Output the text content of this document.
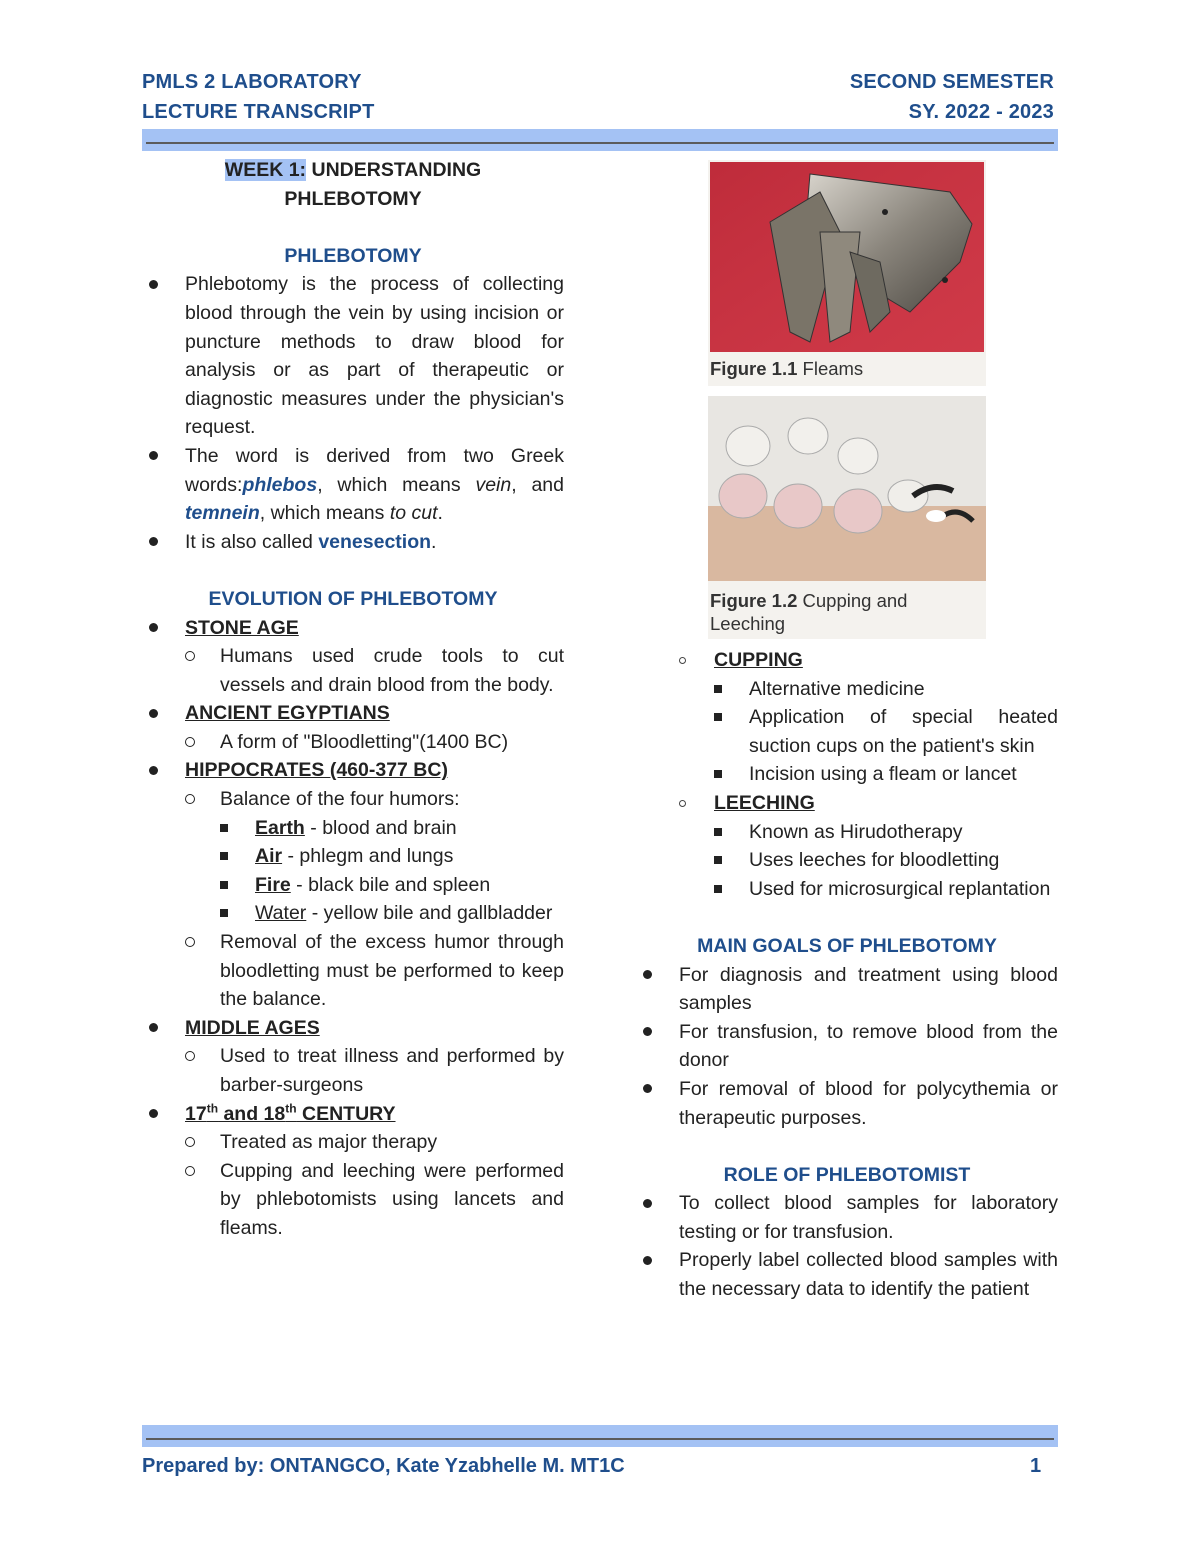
PMLS 2 LABORATORY
LECTURE TRANSCRIPT
SECOND SEMESTER
SY. 2022 - 2023
WEEK 1: UNDERSTANDING
PHLEBOTOMY
PHLEBOTOMY
Phlebotomy is the process of collecting blood through the vein by using incision or puncture methods to draw blood for analysis or as part of therapeutic or diagnostic measures under the physician's request.
The word is derived from two Greek words:phlebos, which means vein, and temnein, which means to cut.
It is also called venesection.
EVOLUTION OF PHLEBOTOMY
STONE AGE
Humans used crude tools to cut vessels and drain blood from the body.
ANCIENT EGYPTIANS
A form of "Bloodletting"(1400 BC)
HIPPOCRATES (460-377 BC)
Balance of the four humors:
Earth - blood and brain
Air - phlegm and lungs
Fire - black bile and spleen
Water - yellow bile and gallbladder
Removal of the excess humor through bloodletting must be performed to keep the balance.
MIDDLE AGES
Used to treat illness and performed by barber-surgeons
17th and 18th CENTURY
Treated as major therapy
Cupping and leeching were performed by phlebotomists using lancets and fleams.
Figure 1.1 Fleams
Figure 1.2 Cupping and
Leeching
CUPPING
Alternative medicine
Application of special heated suction cups on the patient's skin
Incision using a fleam or lancet
LEECHING
Known as Hirudotherapy
Uses leeches for bloodletting
Used for microsurgical replantation
MAIN GOALS OF PHLEBOTOMY
For diagnosis and treatment using blood samples
For transfusion, to remove blood from the donor
For removal of blood for polycythemia or therapeutic purposes.
ROLE OF PHLEBOTOMIST
To collect blood samples for laboratory testing or for transfusion.
Properly label collected blood samples with the necessary data to identify the patient
Prepared by: ONTANGCO, Kate Yzabhelle M. MT1C	1
